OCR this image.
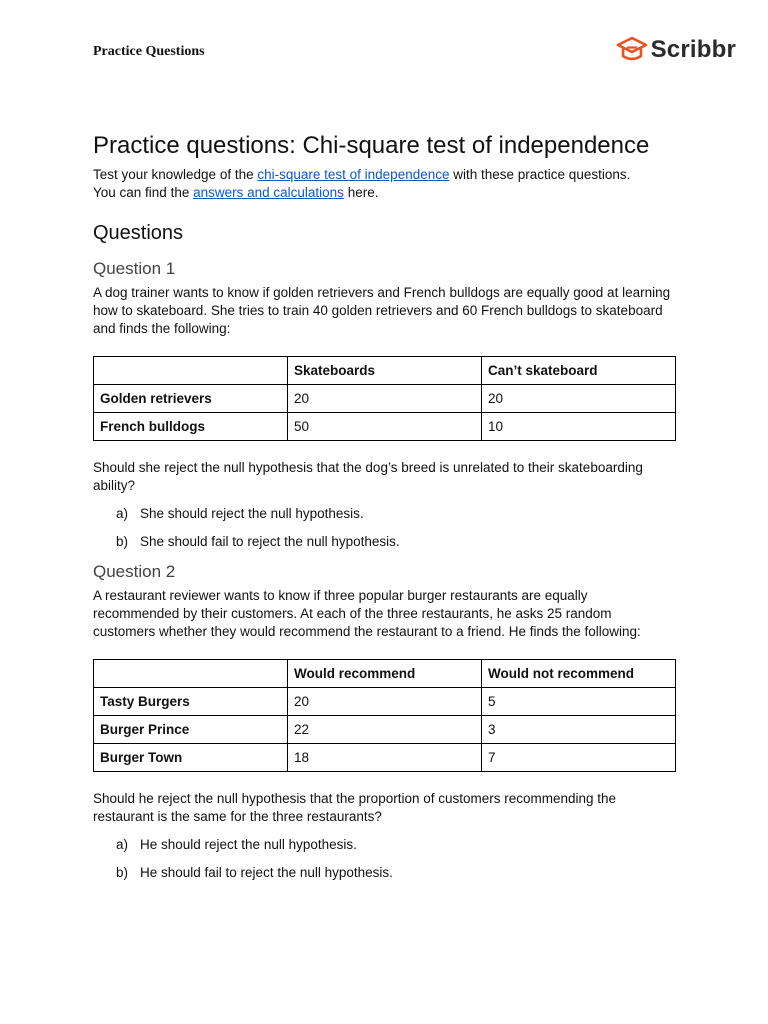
Practice Questions	Scribbr
Practice questions: Chi-square test of independence

Test your knowledge of the chi-square test of independence with these practice questions.
You can find the answers and calculations here.

Questions
Question 1

A dog trainer wants to know if golden retrievers and French bulldogs are equally good at learning how to skateboard. She tries to train 40 golden retrievers and 60 French bulldogs to skateboard and finds the following:

	Skateboards	Can’t skateboard
Golden retrievers	20	20
French bulldogs	50	10

Should she reject the null hypothesis that the dog’s breed is unrelated to their skateboarding ability?

a) She should reject the null hypothesis.
b) She should fail to reject the null hypothesis.
Question 2

A restaurant reviewer wants to know if three popular burger restaurants are equally recommended by their customers. At each of the three restaurants, he asks 25 random customers whether they would recommend the restaurant to a friend. He finds the following:

	Would recommend	Would not recommend
Tasty Burgers	20	5
Burger Prince	22	3
Burger Town	18	7

Should he reject the null hypothesis that the proportion of customers recommending the restaurant is the same for the three restaurants?

a) He should reject the null hypothesis.
b) He should fail to reject the null hypothesis.
